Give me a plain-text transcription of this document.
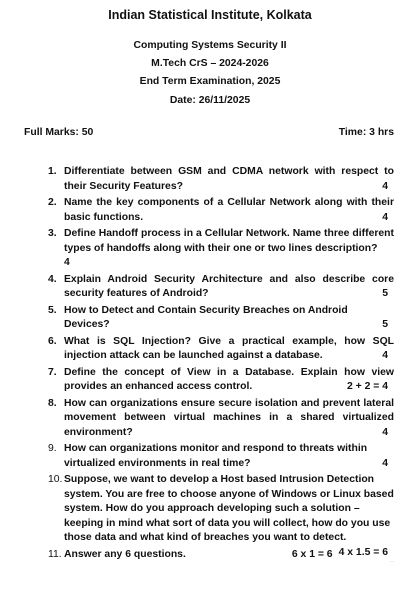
Indian Statistical Institute, Kolkata
Computing Systems Security II
M.Tech CrS – 2024-2026
End Term Examination, 2025
Date: 26/11/2025
Full Marks: 50	Time: 3 hrs
1. Differentiate between GSM and CDMA network with respect to their Security Features?	4
2. Name the key components of a Cellular Network along with their basic functions.	4
3. Define Handoff process in a Cellular Network. Name three different types of handoffs along with their one or two lines description?
4
4. Explain Android Security Architecture and also describe core security features of Android?	5
5. How to Detect and Contain Security Breaches on Android Devices?	5
6. What is SQL Injection? Give a practical example, how SQL injection attack can be launched against a database.	4
7. Define the concept of View in a Database. Explain how view provides an enhanced access control.	2 + 2 = 4
8. How can organizations ensure secure isolation and prevent lateral movement between virtual machines in a shared virtualized environment?	4
9. How can organizations monitor and respond to threats within virtualized environments in real time?	4
10. Suppose, we want to develop a Host based Intrusion Detection system. You are free to choose anyone of Windows or Linux based system. How do you approach developing such a solution – keeping in mind what sort of data you will collect, how do you use those data and what kind of breaches you want to detect.
4 x 1.5 = 6
11. Answer any 6 questions.	6 x 1 = 6
··
